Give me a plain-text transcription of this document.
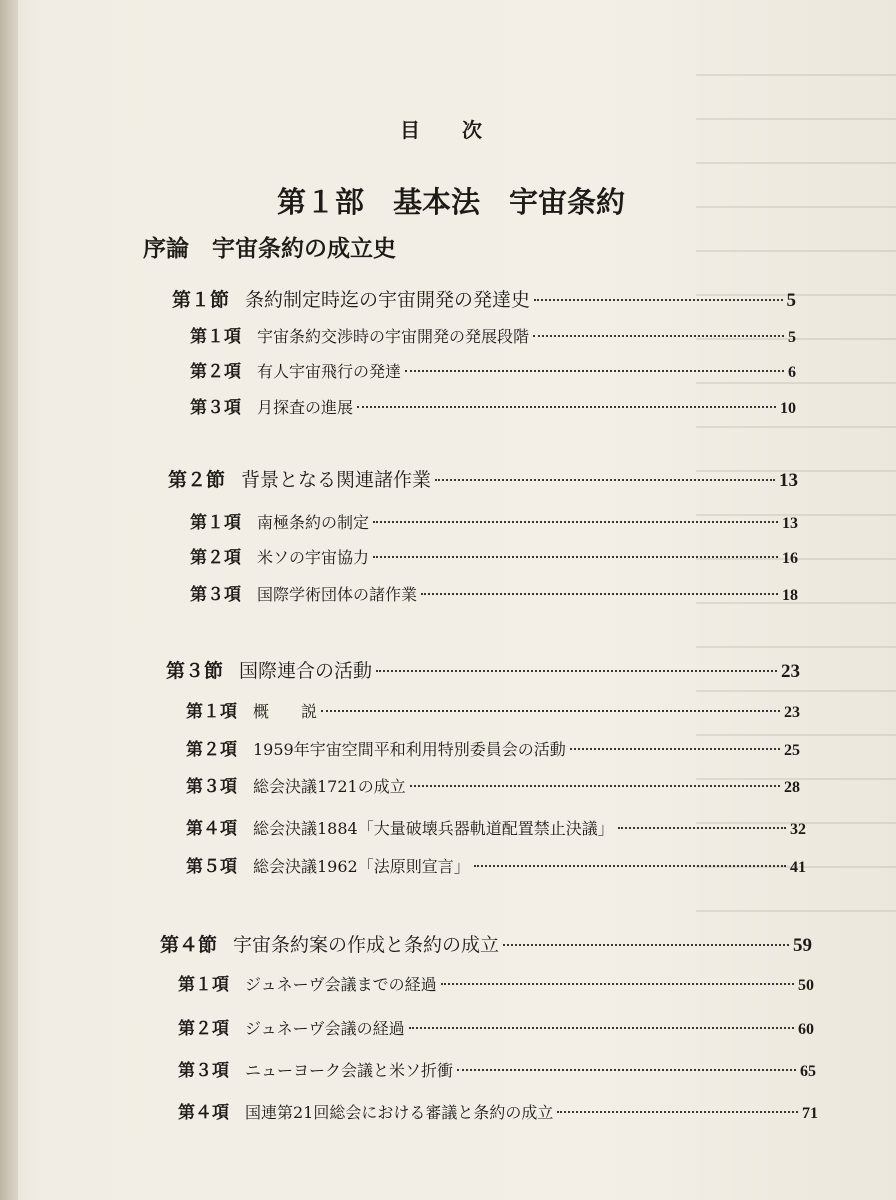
目次
第１部　基本法　宇宙条約
序論　宇宙条約の成立史
第１節 条約制定時迄の宇宙開発の発達史	5
第１項 宇宙条約交渉時の宇宙開発の発展段階	5
第２項 有人宇宙飛行の発達	6
第３項 月探査の進展	10
第２節 背景となる関連諸作業	13
第１項 南極条約の制定	13
第２項 米ソの宇宙協力	16
第３項 国際学術団体の諸作業	18
第３節 国際連合の活動	23
第１項 概　　説	23
第２項 1959年宇宙空間平和利用特別委員会の活動	25
第３項 総会決議1721の成立	28
第４項 総会決議1884「大量破壊兵器軌道配置禁止決議」	32
第５項 総会決議1962「法原則宣言」	41
第４節 宇宙条約案の作成と条約の成立	59
第１項 ジュネーヴ会議までの経過	50
第２項 ジュネーヴ会議の経過	60
第３項 ニューヨーク会議と米ソ折衝	65
第４項 国連第21回総会における審議と条約の成立	71
